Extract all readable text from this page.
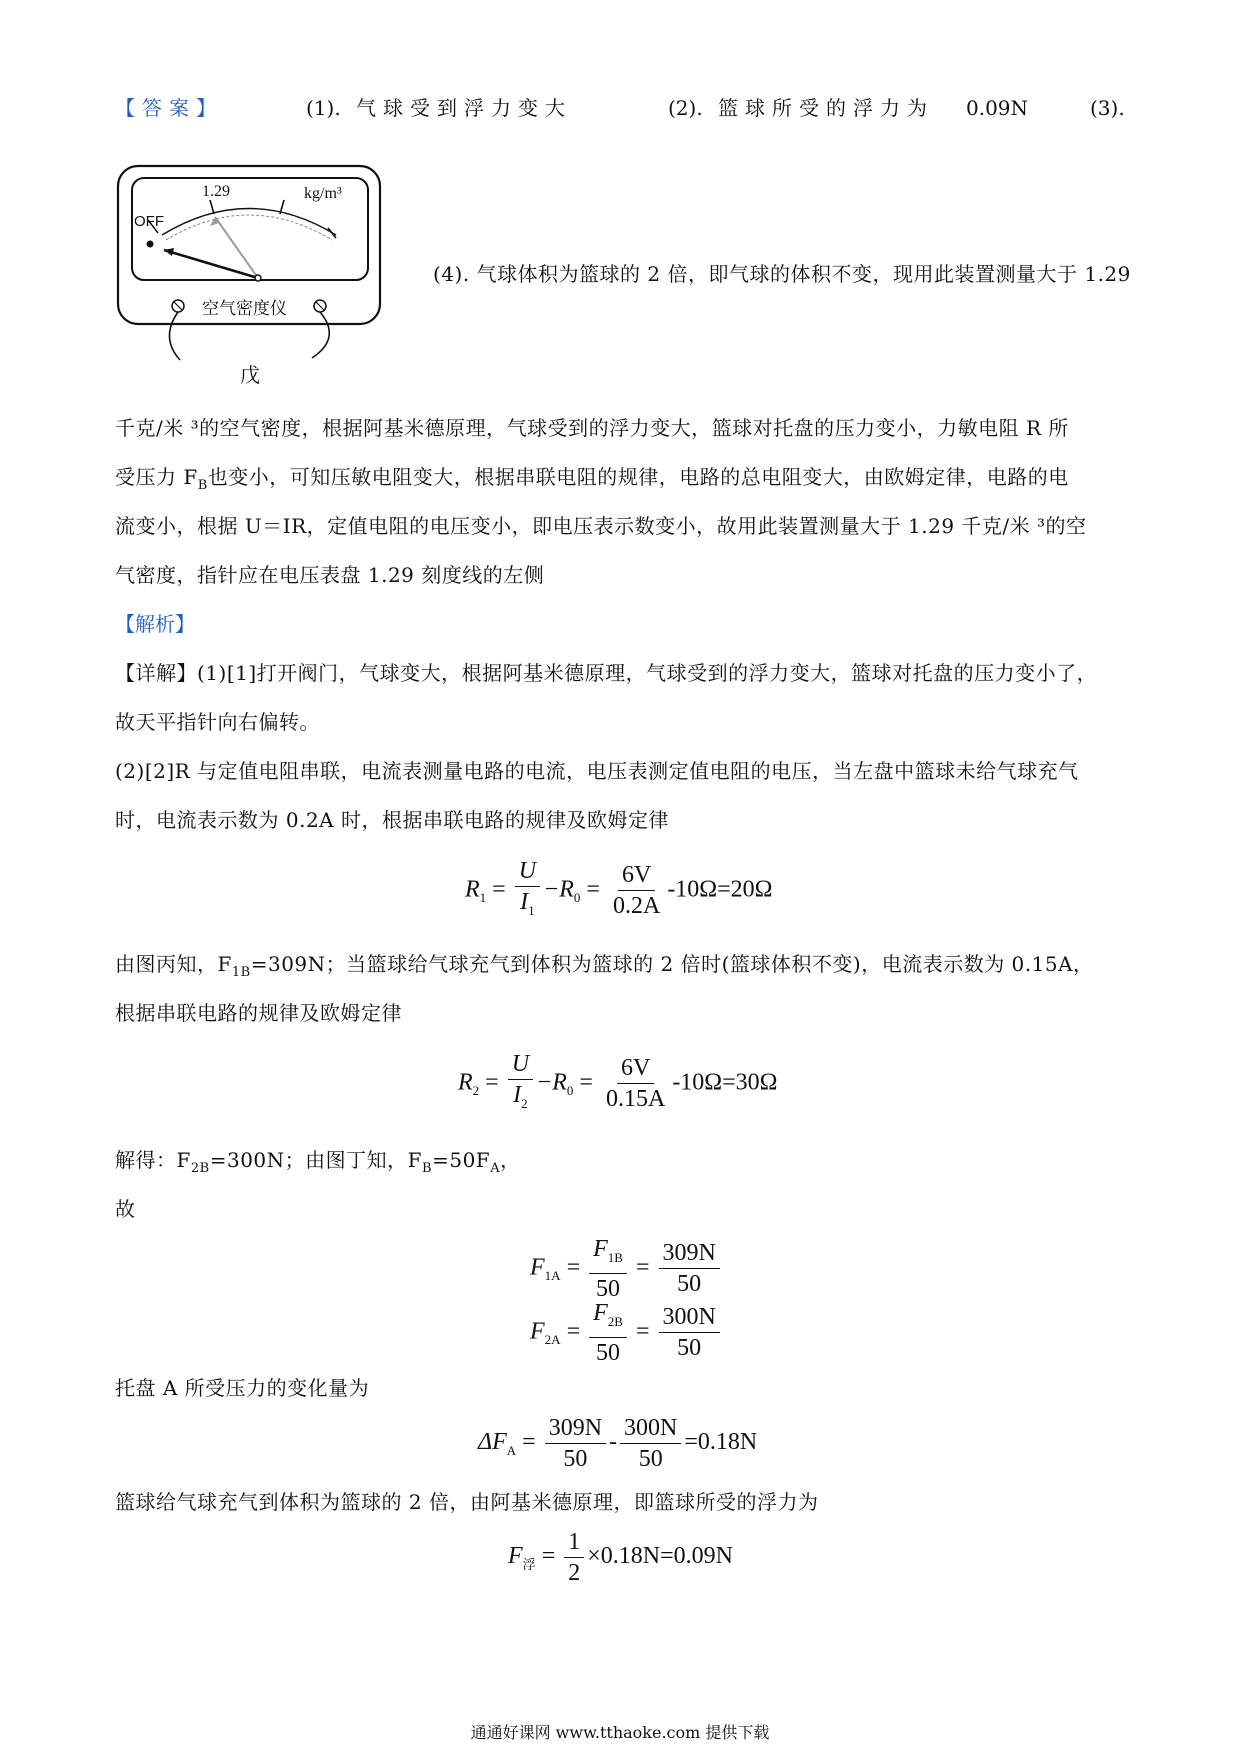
【答案】	(1). 气球受到浮力变大	(2). 篮球所受的浮力为 0.09N	(3).
1.29	kg/m³
OFF
空气密度仪
戊
(4). 气球体积为篮球的 2 倍，即气球的体积不变，现用此装置测量大于 1.29
千克/米 ³的空气密度，根据阿基米德原理，气球受到的浮力变大，篮球对托盘的压力变小，力敏电阻 R 所
受压力 $F_B$也变小，可知压敏电阻变大，根据串联电阻的规律，电路的总电阻变大，由欧姆定律，电路的电
流变小，根据 U＝IR，定值电阻的电压变小，即电压表示数变小，故用此装置测量大于 1.29 千克/米 ³的空
气密度，指针应在电压表盘 1.29 刻度线的左侧
【解析】
【详解】(1)[1]打开阀门，气球变大，根据阿基米德原理，气球受到的浮力变大，篮球对托盘的压力变小了，
故天平指针向右偏转。
(2)[2]R 与定值电阻串联，电流表测量电路的电流，电压表测定值电阻的电压，当左盘中篮球未给气球充气
时，电流表示数为 0.2A 时，根据串联电路的规律及欧姆定律
$R_1 = \frac{U}{I_1} -R_0 = \frac{6V}{0.2A} -10\Omega=20\Omega$
由图丙知，$F_{1B}=309N$；当篮球给气球充气到体积为篮球的 2 倍时(篮球体积不变)，电流表示数为 0.15A，
根据串联电路的规律及欧姆定律
$R_2 = \frac{U}{I_2} -R_0 = \frac{6V}{0.15A} -10\Omega=30\Omega$
解得：$F_{2B}=300N$；由图丁知，$F_B=50F_A$，
故
$F_{1A} = \frac{F_{1B}}{50} = \frac{309N}{50}$
$F_{2A} = \frac{F_{2B}}{50} = \frac{300N}{50}$
托盘 A 所受压力的变化量为
$\Delta F_A = \frac{309N}{50} - \frac{300N}{50} =0.18N$
篮球给气球充气到体积为篮球的 2 倍，由阿基米德原理，即篮球所受的浮力为
$F_浮 = \frac{1}{2} \times 0.18N=0.09N$
通通好课网 www.tthaoke.com 提供下载
